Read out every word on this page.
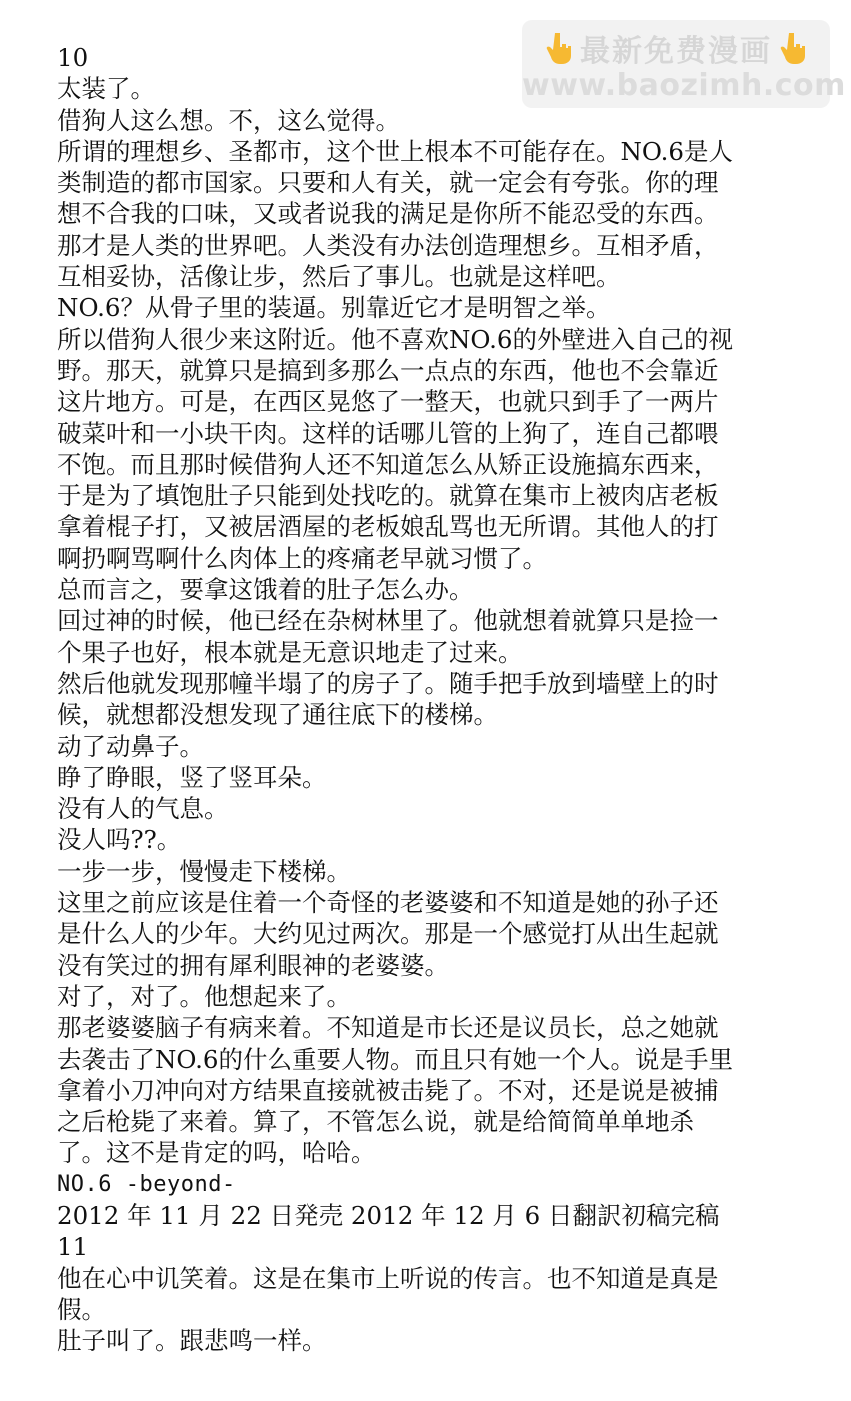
10
太装了。
借狗人这么想。不，这么觉得。
所谓的理想乡、圣都市，这个世上根本不可能存在。NO.6是人
类制造的都市国家。只要和人有关，就一定会有夸张。你的理
想不合我的口味，又或者说我的满足是你所不能忍受的东西。
那才是人类的世界吧。人类没有办法创造理想乡。互相矛盾，
互相妥协，活像让步，然后了事儿。也就是这样吧。
NO.6？从骨子里的装逼。别靠近它才是明智之举。
所以借狗人很少来这附近。他不喜欢NO.6的外壁进入自己的视
野。那天，就算只是搞到多那么一点点的东西，他也不会靠近
这片地方。可是，在西区晃悠了一整天，也就只到手了一两片
破菜叶和一小块干肉。这样的话哪儿管的上狗了，连自己都喂
不饱。而且那时候借狗人还不知道怎么从矫正设施搞东西来，
于是为了填饱肚子只能到处找吃的。就算在集市上被肉店老板
拿着棍子打，又被居酒屋的老板娘乱骂也无所谓。其他人的打
啊扔啊骂啊什么肉体上的疼痛老早就习惯了。
总而言之，要拿这饿着的肚子怎么办。
回过神的时候，他已经在杂树林里了。他就想着就算只是捡一
个果子也好，根本就是无意识地走了过来。
然后他就发现那幢半塌了的房子了。随手把手放到墙壁上的时
候，就想都没想发现了通往底下的楼梯。
动了动鼻子。
睁了睁眼，竖了竖耳朵。
没有人的气息。
没人吗??。
一步一步，慢慢走下楼梯。
这里之前应该是住着一个奇怪的老婆婆和不知道是她的孙子还
是什么人的少年。大约见过两次。那是一个感觉打从出生起就
没有笑过的拥有犀利眼神的老婆婆。
对了，对了。他想起来了。
那老婆婆脑子有病来着。不知道是市长还是议员长，总之她就
去袭击了NO.6的什么重要人物。而且只有她一个人。说是手里
拿着小刀冲向对方结果直接就被击毙了。不对，还是说是被捕
之后枪毙了来着。算了，不管怎么说，就是给简简单单地杀
了。这不是肯定的吗，哈哈。
NO.6 -beyond-
2012 年 11 月 22 日発売 2012 年 12 月 6 日翻訳初稿完稿
11
他在心中讥笑着。这是在集市上听说的传言。也不知道是真是
假。
肚子叫了。跟悲鸣一样。
最新免费漫画
www.baozimh.com
